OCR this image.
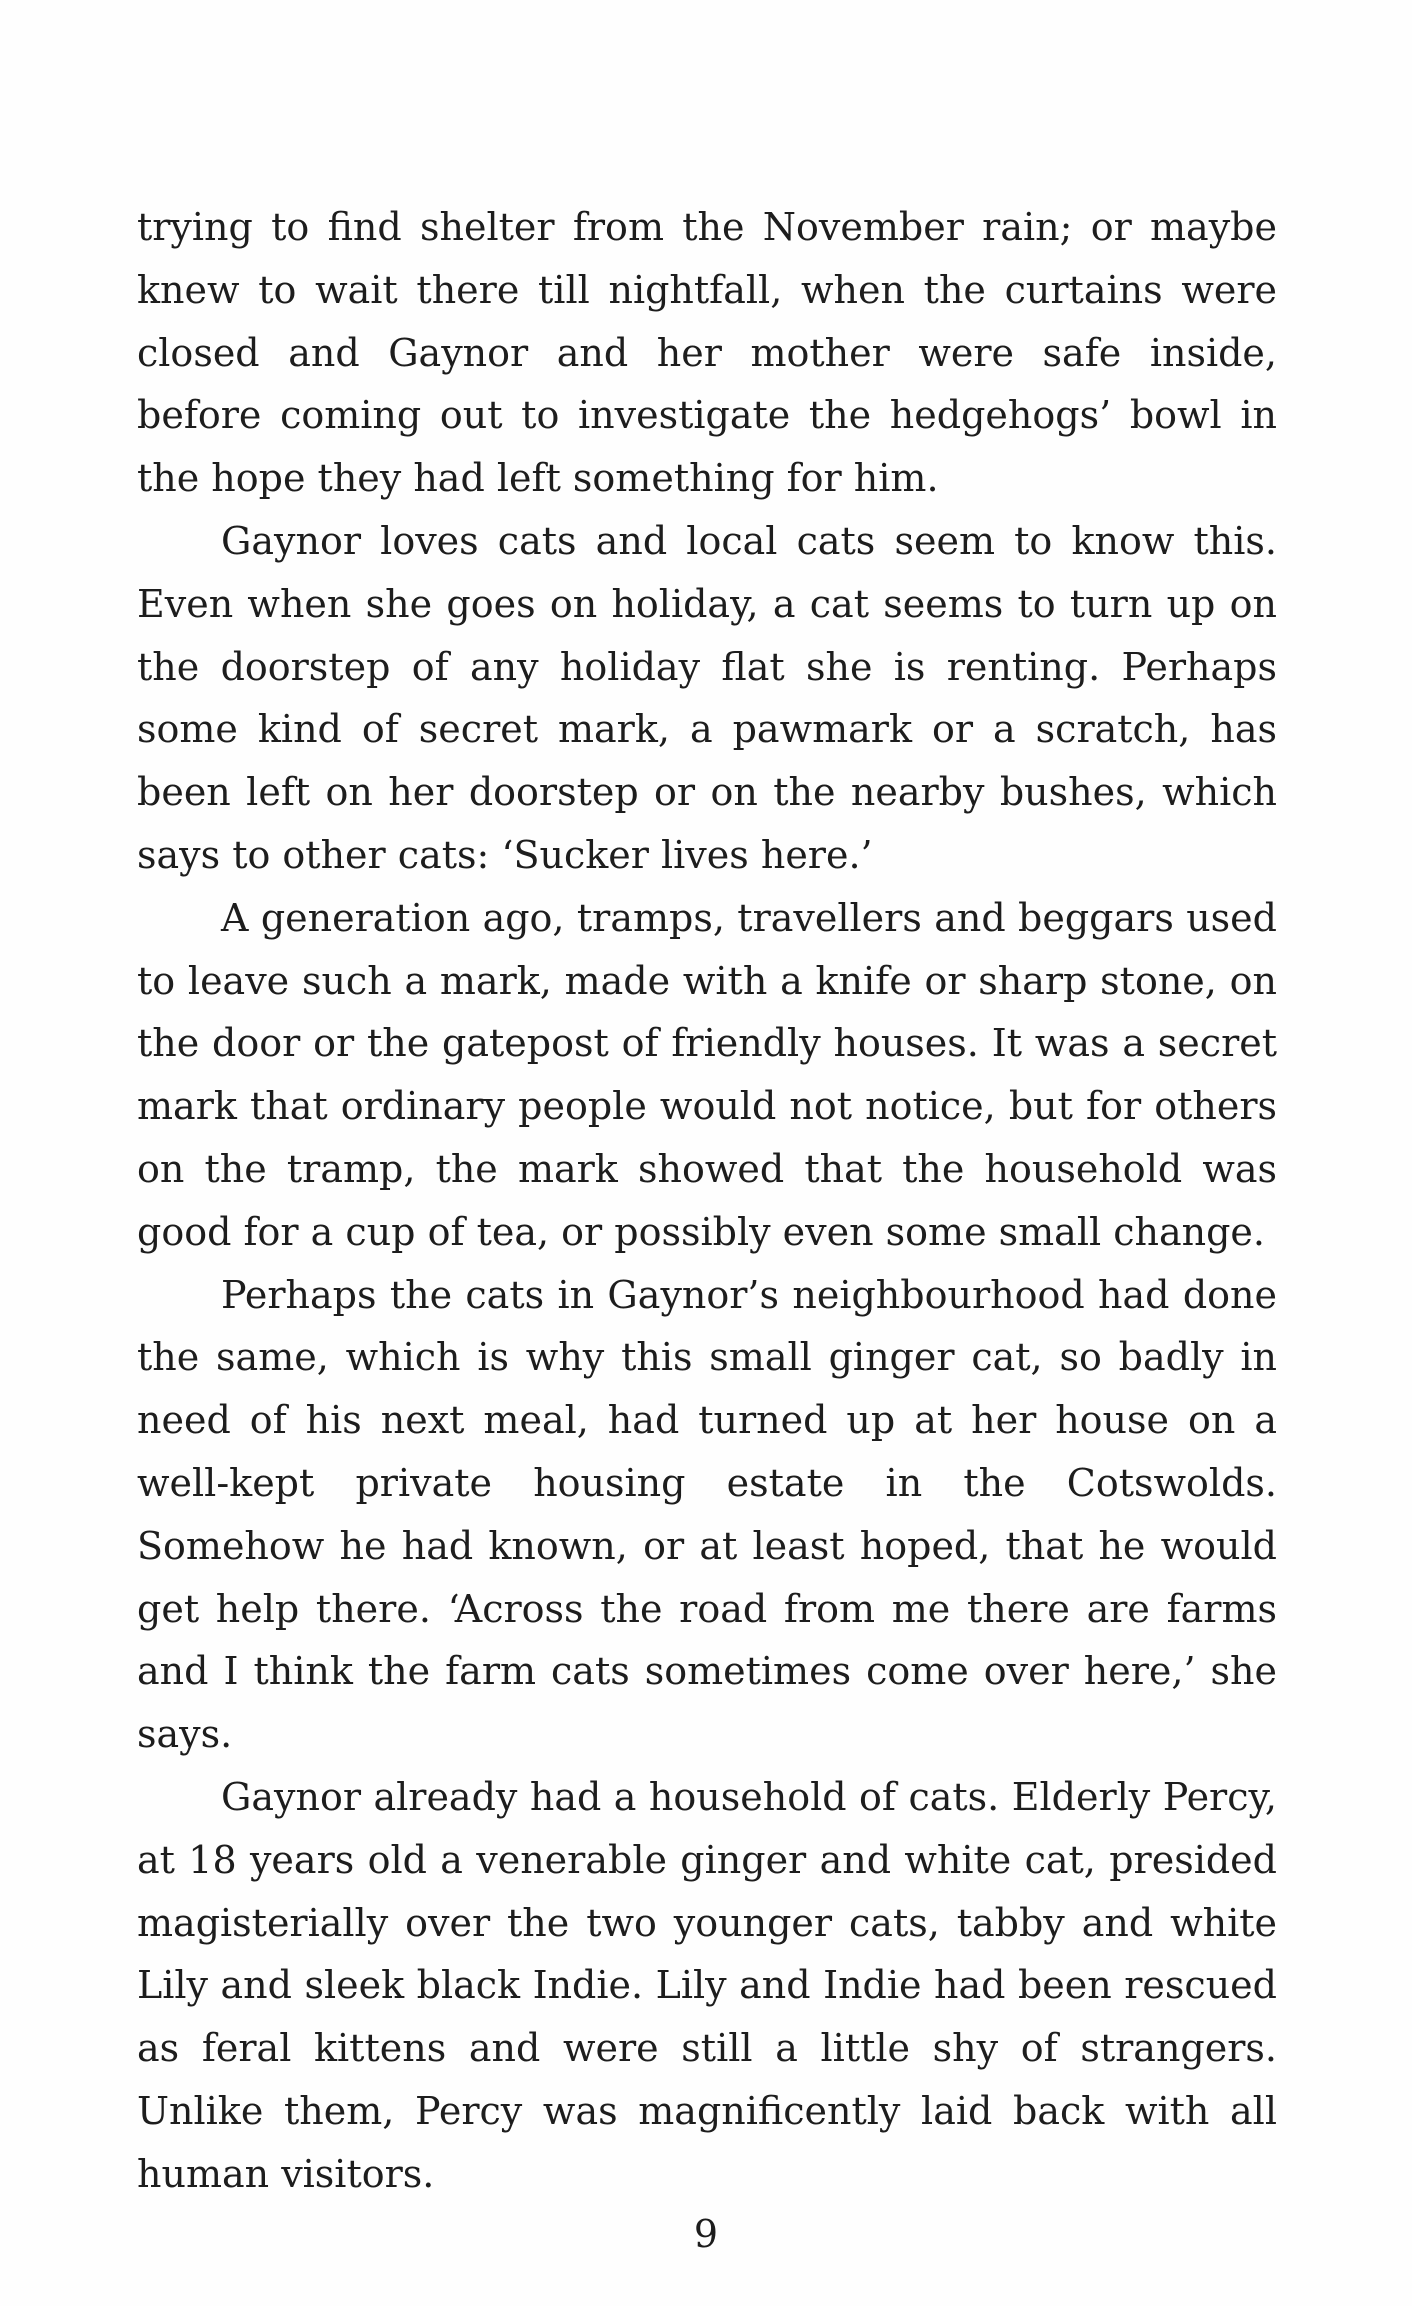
trying to find shelter from the November rain; or maybe knew to wait there till nightfall, when the curtains were closed and Gaynor and her mother were safe inside, before coming out to investigate the hedgehogs’ bowl in the hope they had left something for him.

Gaynor loves cats and local cats seem to know this. Even when she goes on holiday, a cat seems to turn up on the doorstep of any holiday flat she is renting. Perhaps some kind of secret mark, a pawmark or a scratch, has been left on her doorstep or on the nearby bushes, which says to other cats: ‘Sucker lives here.’

A generation ago, tramps, travellers and beggars used to leave such a mark, made with a knife or sharp stone, on the door or the gatepost of friendly houses. It was a secret mark that ordinary people would not notice, but for others on the tramp, the mark showed that the household was good for a cup of tea, or possibly even some small change.

Perhaps the cats in Gaynor’s neighbourhood had done the same, which is why this small ginger cat, so badly in need of his next meal, had turned up at her house on a well-kept private housing estate in the Cotswolds. Somehow he had known, or at least hoped, that he would get help there. ‘Across the road from me there are farms and I think the farm cats sometimes come over here,’ she says.

Gaynor already had a household of cats. Elderly Percy, at 18 years old a venerable ginger and white cat, presided magisterially over the two younger cats, tabby and white Lily and sleek black Indie. Lily and Indie had been rescued as feral kittens and were still a little shy of strangers. Unlike them, Percy was magnificently laid back with all human visitors.

9
